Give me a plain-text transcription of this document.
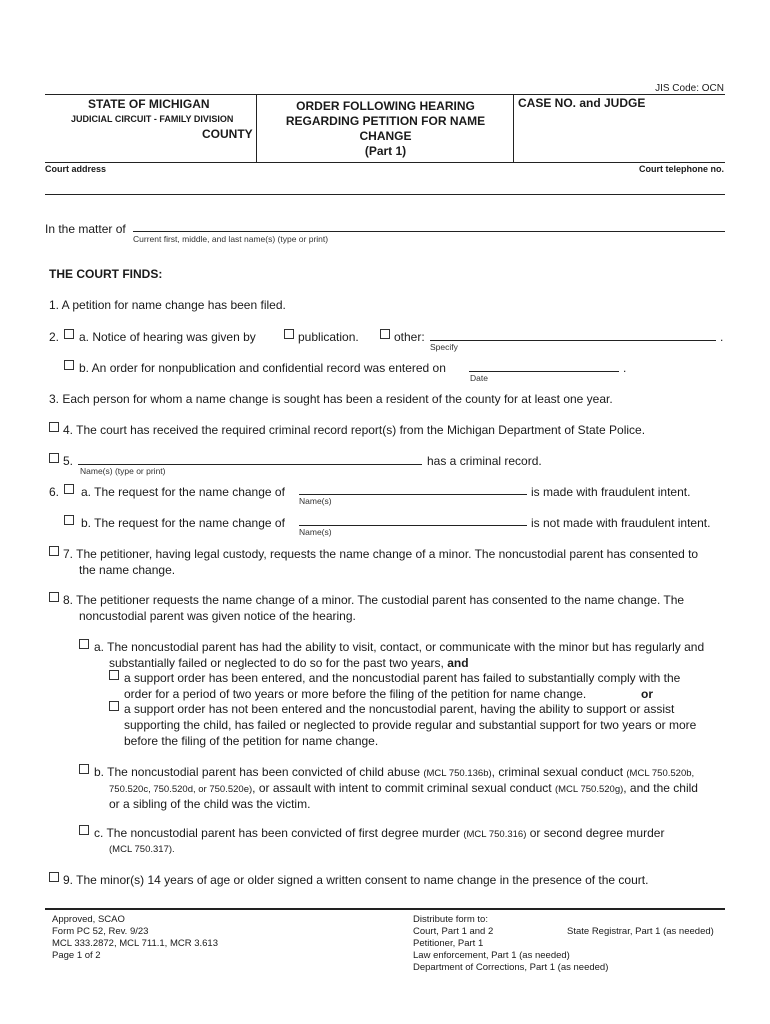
JIS Code: OCN
STATE OF MICHIGAN
JUDICIAL CIRCUIT - FAMILY DIVISION
COUNTY
ORDER FOLLOWING HEARING
REGARDING PETITION FOR NAME
CHANGE
(Part 1)
CASE NO. and JUDGE
Court address	Court telephone no.
In the matter of
Current first, middle, and last name(s) (type or print)
THE COURT FINDS:
1. A petition for name change has been filed.
2. a. Notice of hearing was given by	publication.	other:	.
Specify
b. An order for nonpublication and confidential record was entered on	.
Date
3. Each person for whom a name change is sought has been a resident of the county for at least one year.
4. The court has received the required criminal record report(s) from the Michigan Department of State Police.
5.
Name(s) (type or print)
has a criminal record.
6. a. The request for the name change of
Name(s)
is made with fraudulent intent.
b. The request for the name change of
Name(s)
is not made with fraudulent intent.
7. The petitioner, having legal custody, requests the name change of a minor. The noncustodial parent has consented to
the name change.
8. The petitioner requests the name change of a minor. The custodial parent has consented to the name change. The
noncustodial parent was given notice of the hearing.
a. The noncustodial parent has had the ability to visit, contact, or communicate with the minor but has regularly and
substantially failed or neglected to do so for the past two years, and
a support order has been entered, and the noncustodial parent has failed to substantially comply with the
order for a period of two years or more before the filing of the petition for name change.	or
a support order has not been entered and the noncustodial parent, having the ability to support or assist
supporting the child, has failed or neglected to provide regular and substantial support for two years or more
before the filing of the petition for name change.
b. The noncustodial parent has been convicted of child abuse (MCL 750.136b), criminal sexual conduct (MCL 750.520b,
750.520c, 750.520d, or 750.520e), or assault with intent to commit criminal sexual conduct (MCL 750.520g), and the child
or a sibling of the child was the victim.
c. The noncustodial parent has been convicted of first degree murder (MCL 750.316) or second degree murder
(MCL 750.317).
9. The minor(s) 14 years of age or older signed a written consent to name change in the presence of the court.
Approved, SCAO
Form PC 52, Rev. 9/23
MCL 333.2872, MCL 711.1, MCR 3.613
Page 1 of 2
Distribute form to:
Court, Part 1 and 2
Petitioner, Part 1
Law enforcement, Part 1 (as needed)
Department of Corrections, Part 1 (as needed)
State Registrar, Part 1 (as needed)
